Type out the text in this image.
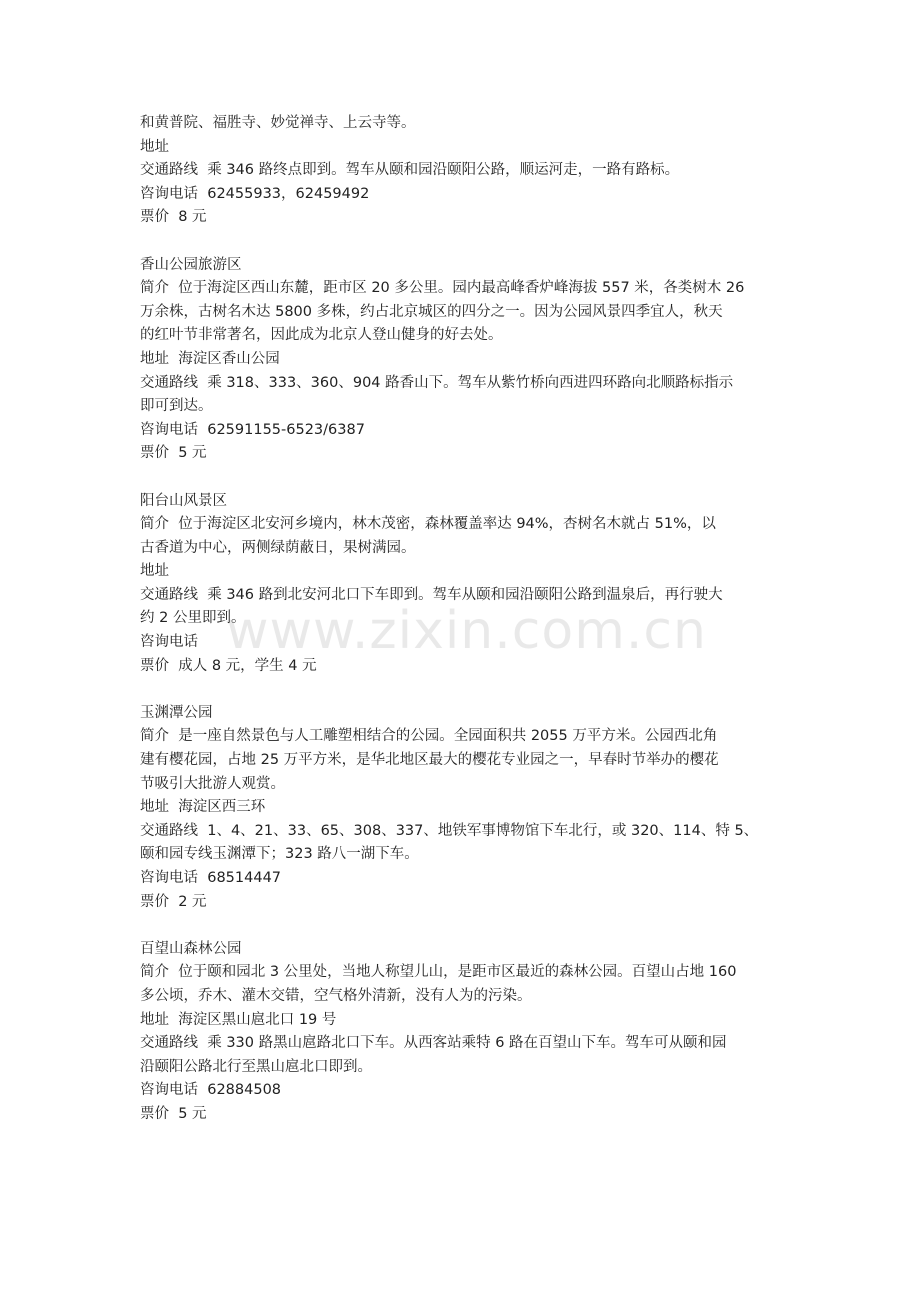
和黄普院、福胜寺、妙觉禅寺、上云寺等。
地址
交通路线  乘 346 路终点即到。驾车从颐和园沿颐阳公路，顺运河走，一路有路标。
咨询电话  62455933，62459492
票价  8 元
香山公园旅游区
简介  位于海淀区西山东麓，距市区 20 多公里。园内最高峰香炉峰海拔 557 米，各类树木 26
万余株，古树名木达 5800 多株，约占北京城区的四分之一。因为公园风景四季宜人，秋天
的红叶节非常著名，因此成为北京人登山健身的好去处。
地址  海淀区香山公园
交通路线  乘 318、333、360、904 路香山下。驾车从紫竹桥向西进四环路向北顺路标指示
即可到达。
咨询电话  62591155-6523/6387
票价  5 元
阳台山风景区
简介  位于海淀区北安河乡境内，林木茂密，森林覆盖率达 94%，杏树名木就占 51%，以
古香道为中心，两侧绿荫蔽日，果树满园。
地址
交通路线  乘 346 路到北安河北口下车即到。驾车从颐和园沿颐阳公路到温泉后，再行驶大
约 2 公里即到。
咨询电话
票价  成人 8 元，学生 4 元
玉渊潭公园
简介  是一座自然景色与人工雕塑相结合的公园。全园面积共 2055 万平方米。公园西北角
建有樱花园，占地 25 万平方米，是华北地区最大的樱花专业园之一，早春时节举办的樱花
节吸引大批游人观赏。
地址  海淀区西三环
交通路线  1、4、21、33、65、308、337、地铁军事博物馆下车北行，或 320、114、特 5、
颐和园专线玉渊潭下；323 路八一湖下车。
咨询电话  68514447
票价  2 元
百望山森林公园
简介  位于颐和园北 3 公里处，当地人称望儿山，是距市区最近的森林公园。百望山占地 160
多公顷，乔木、灌木交错，空气格外清新，没有人为的污染。
地址  海淀区黑山扈北口 19 号
交通路线  乘 330 路黑山扈路北口下车。从西客站乘特 6 路在百望山下车。驾车可从颐和园
沿颐阳公路北行至黑山扈北口即到。
咨询电话  62884508
票价  5 元
www.zixin.com.cn
